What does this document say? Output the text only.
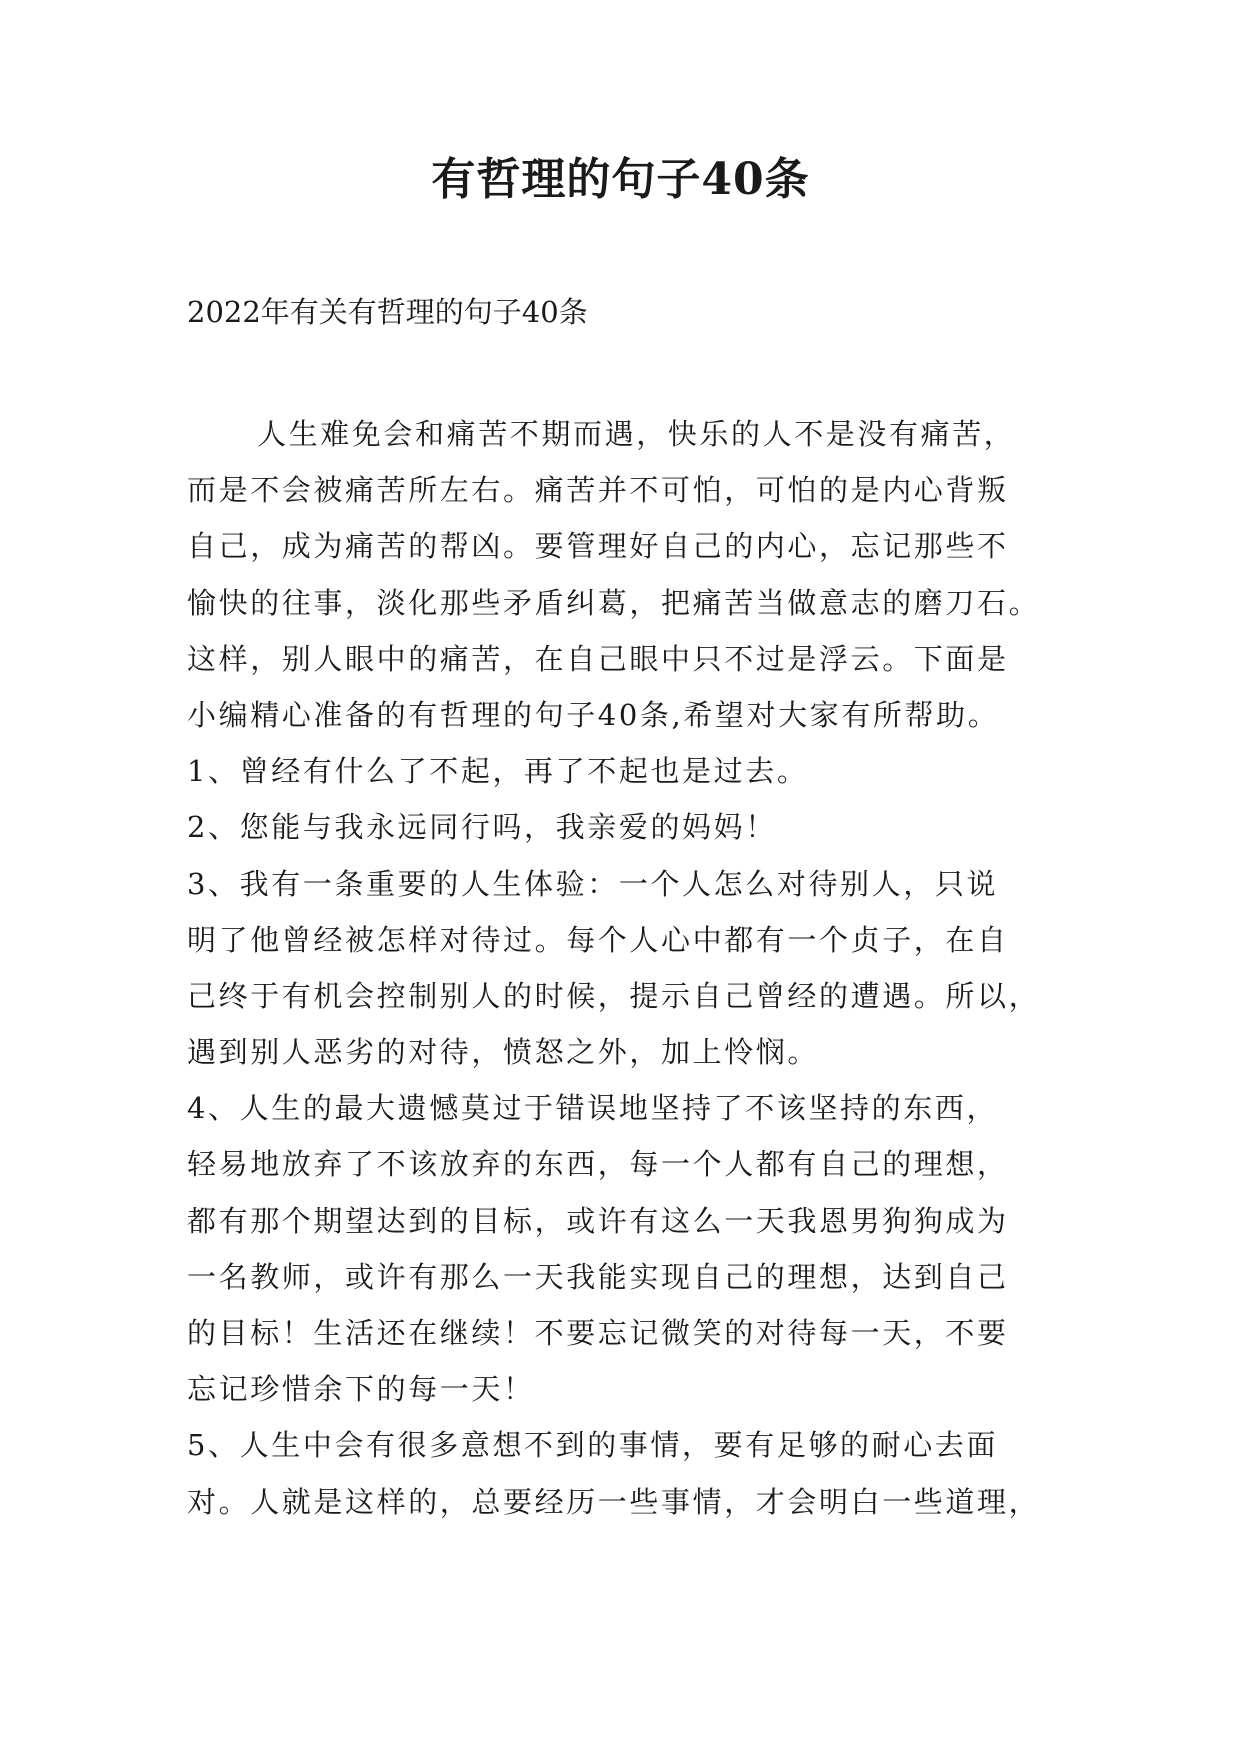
有哲理的句子40条

2022年有关有哲理的句子40条

人生难免会和痛苦不期而遇，快乐的人不是没有痛苦，

而是不会被痛苦所左右。痛苦并不可怕，可怕的是内心背叛

自己，成为痛苦的帮凶。要管理好自己的内心，忘记那些不

愉快的往事，淡化那些矛盾纠葛，把痛苦当做意志的磨刀石。

这样，别人眼中的痛苦，在自己眼中只不过是浮云。下面是

小编精心准备的有哲理的句子40条,希望对大家有所帮助。

1、曾经有什么了不起，再了不起也是过去。

2、您能与我永远同行吗，我亲爱的妈妈！

3、我有一条重要的人生体验：一个人怎么对待别人，只说

明了他曾经被怎样对待过。每个人心中都有一个贞子，在自

己终于有机会控制别人的时候，提示自己曾经的遭遇。所以，

遇到别人恶劣的对待，愤怒之外，加上怜悯。

4、人生的最大遗憾莫过于错误地坚持了不该坚持的东西，

轻易地放弃了不该放弃的东西，每一个人都有自己的理想，

都有那个期望达到的目标，或许有这么一天我恩男狗狗成为

一名教师，或许有那么一天我能实现自己的理想，达到自己

的目标！生活还在继续！不要忘记微笑的对待每一天，不要

忘记珍惜余下的每一天！

5、人生中会有很多意想不到的事情，要有足够的耐心去面

对。人就是这样的，总要经历一些事情，才会明白一些道理，
